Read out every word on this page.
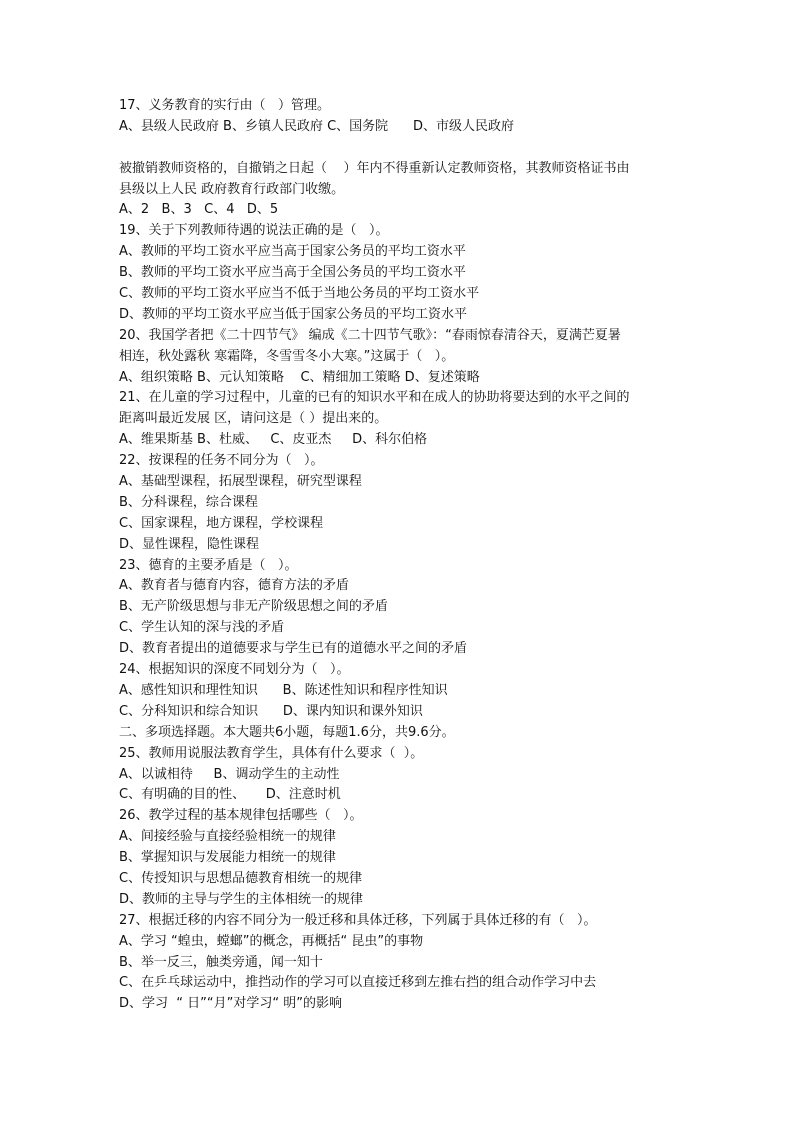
17、义务教育的实行由（   ）管理。
A、县级人民政府 B、乡镇人民政府 C、国务院      D、市级人民政府
被撤销教师资格的，自撤销之日起（    ）年内不得重新认定教师资格，其教师资格证书由
县级以上人民 政府教育行政部门收缴。
A、2   B、3   C、4   D、5
19、关于下列教师待遇的说法正确的是（   ）。
A、教师的平均工资水平应当高于国家公务员的平均工资水平
B、教师的平均工资水平应当高于全国公务员的平均工资水平
C、教师的平均工资水平应当不低于当地公务员的平均工资水平
D、教师的平均工资水平应当低于国家公务员的平均工资水平
20、我国学者把《二十四节气》 编成《二十四节气歌》：“春雨惊春清谷天，夏满芒夏暑
相连，秋处露秋 寒霜降，冬雪雪冬小大寒。”这属于（   ）。
A、组织策略 B、元认知策略    C、精细加工策略 D、复述策略
21、在儿童的学习过程中，儿童的已有的知识水平和在成人的协助将要达到的水平之间的
距离叫最近发展 区，请问这是（ ）提出来的。
A、维果斯基 B、杜威、   C、皮亚杰     D、科尔伯格
22、按课程的任务不同分为（   ）。
A、基础型课程，拓展型课程，研究型课程
B、分科课程，综合课程
C、国家课程，地方课程，学校课程
D、显性课程，隐性课程
23、德育的主要矛盾是（   ）。
A、教育者与德育内容，德育方法的矛盾
B、无产阶级思想与非无产阶级思想之间的矛盾
C、学生认知的深与浅的矛盾
D、教育者提出的道德要求与学生已有的道德水平之间的矛盾
24、根据知识的深度不同划分为（   ）。
A、感性知识和理性知识      B、陈述性知识和程序性知识
C、分科知识和综合知识      D、课内知识和课外知识
二、多项选择题。本大题共6小题，每题1.6分，共9.6分。
25、教师用说服法教育学生，具体有什么要求（  ）。
A、以诚相待     B、调动学生的主动性
C、有明确的目的性、     D、注意时机
26、教学过程的基本规律包括哪些（   ）。
A、间接经验与直接经验相统一的规律
B、掌握知识与发展能力相统一的规律
C、传授知识与思想品德教育相统一的规律
D、教师的主导与学生的主体相统一的规律
27、根据迁移的内容不同分为一般迁移和具体迁移，下列属于具体迁移的有（   ）。
A、学习 “蝗虫，螳螂”的概念，再概括“ 昆虫”的事物
B、举一反三，触类旁通，闻一知十
C、在乒乓球运动中，推挡动作的学习可以直接迁移到左推右挡的组合动作学习中去
D、学习  “ 日”“月”对学习“ 明”的影响
